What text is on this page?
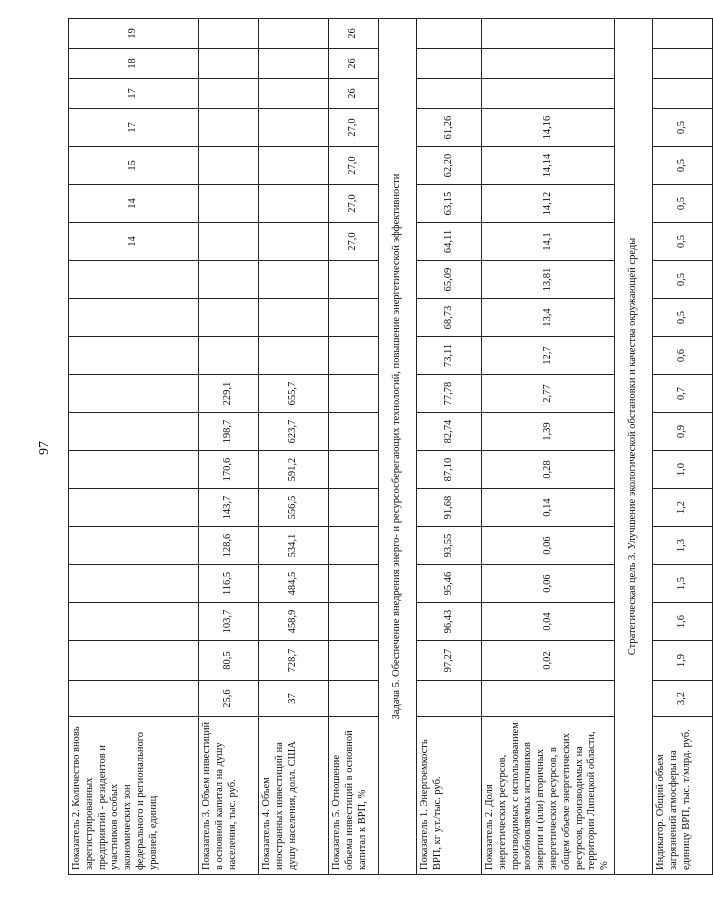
97
Показатель 2. Количество вновь зарегистрированных предприятий - резидентов и участников особых экономических зон федерального и регионального уровней, единиц													14	14	15	17	17	18	19
Показатель 3. Объем инвестиций в основной капитал на душу населения, тыс. руб.	25,6	80,5	103,7	116,5	128,6	143,7	170,6	198,7	229,1										
Показатель 4. Объем иностранных инвестиций на душу населения, долл. США	37	728,7	458,9	484,5	534,1	556,5	591,2	623,7	655,7										
Показатель 5. Отношение объема инвестиций в основной капитал к ВРП, %													27,0	27,0	27,0	27,0	26	26	26
Задача 5. Обеспечение внедрения энерго- и ресурсосберегающих технологий, повышение энергетической эффективности																			
Показатель 1. Энергоемкость ВРП, кг у.т./тыс. руб.		97,27	96,43	95,46	93,55	91,68	87,10	82,74	77,78	73,11	68,73	65,09	64,11	63,15	62,20	61,26			
Показатель 2. Доля энергетических ресурсов, производимых с использованием возобновляемых источников энергии и (или) вторичных энергетических ресурсов, в общем объеме энергетических ресурсов, производимых на территории Липецкой области, %		0,02	0,04	0,06	0,06	0,14	0,28	1,39	2,77	12,7	13,4	13,81	14,1	14,12	14,14	14,16			
Стратегическая цель 3. Улучшение экологической обстановки и качества окружающей среды																			
Индикатор. Общий объем загрязнений атмосферы на единицу ВРП, тыс. т/млрд. руб.	3,2	1,9	1,6	1,5	1,3	1,2	1,0	0,9	0,7	0,6	0,5	0,5	0,5	0,5	0,5	0,5			
